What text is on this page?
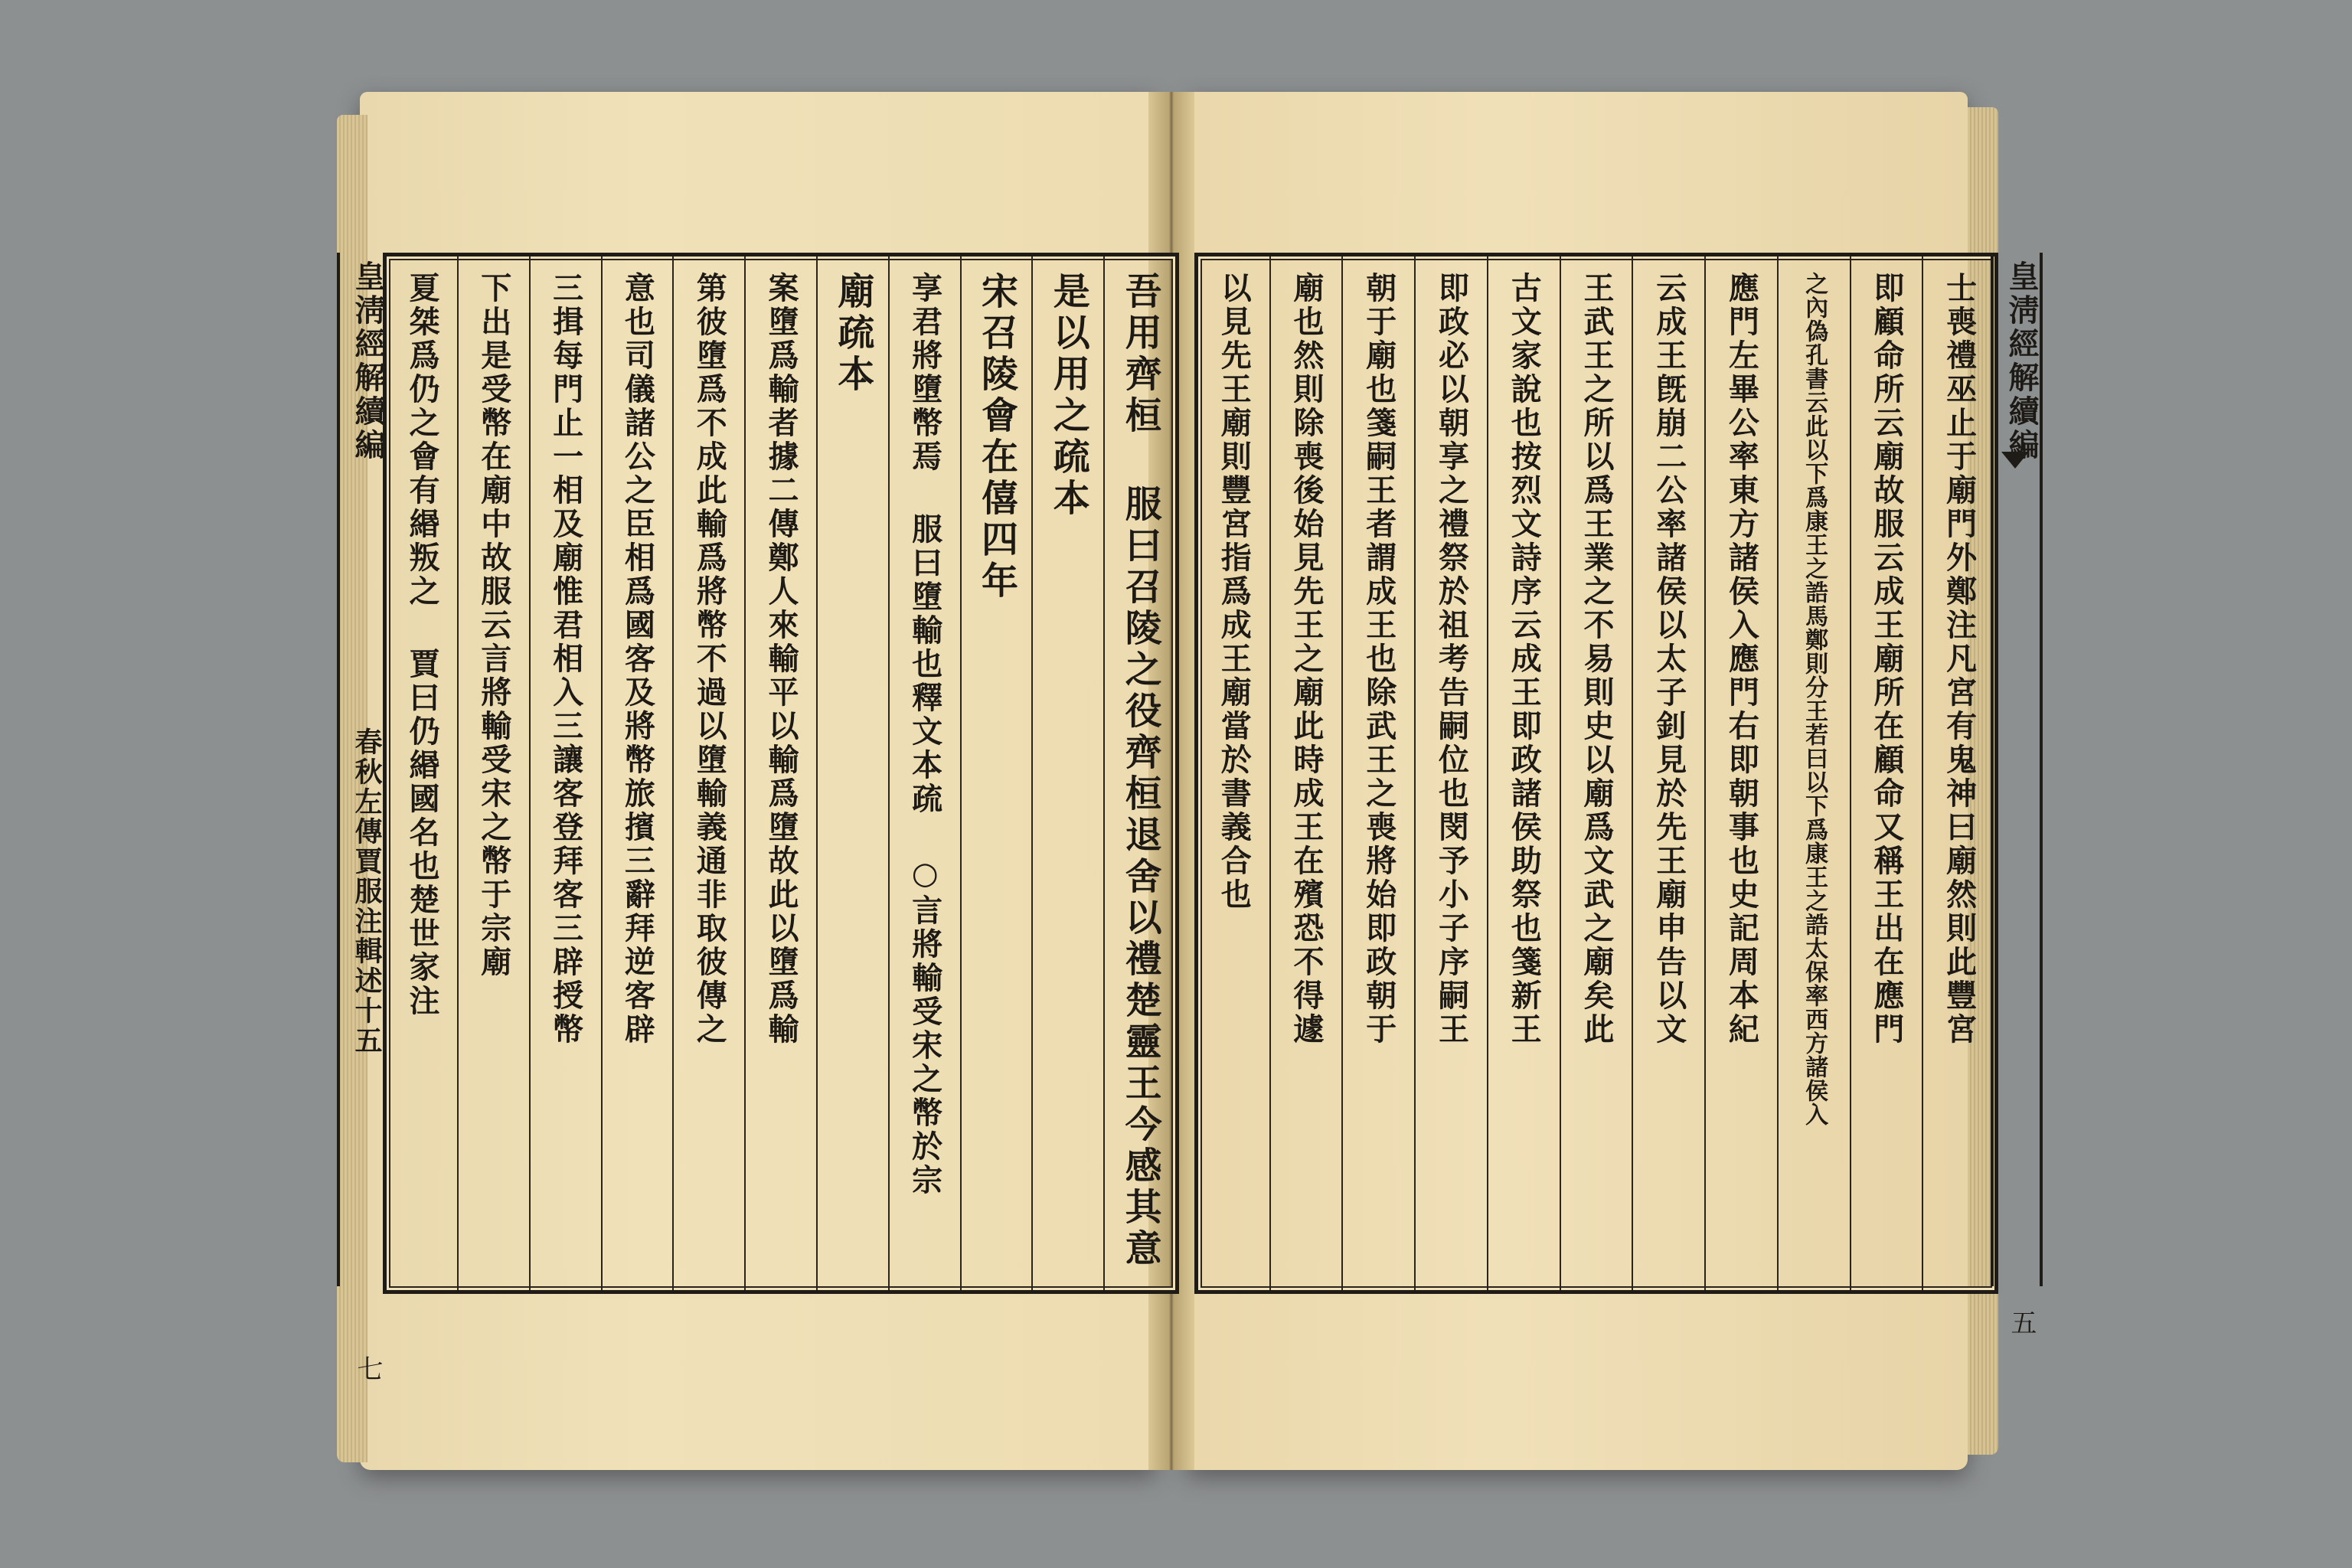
皇淸經解續編
春秋左傳賈服注輯述十五
七
吾用齊桓 服曰召陵之役齊桓退舍以禮楚靈王今感其意
是以用之疏本
宋召陵會在僖四年
享君將墮幣焉 服曰墮輸也釋文本疏 ○言將輸受宋之幣於宗
廟疏本
案墮爲輸者據二傳鄭人來輸平以輸爲墮故此以墮爲輸
第彼墮爲不成此輸爲將幣不過以墮輸義通非取彼傳之
意也司儀諸公之臣相爲國客及將幣旅擯三辭拜逆客辟
三揖每門止一相及廟惟君相入三讓客登拜客三辟授幣
下出是受幣在廟中故服云言將輸受宋之幣于宗廟
夏桀爲仍之會有緡叛之 賈曰仍緡國名也楚世家注	士喪禮巫止于廟門外鄭注凡宮有鬼神曰廟然則此豐宮
即顧命所云廟故服云成王廟所在顧命又稱王出在應門
之內偽孔書云此以下爲康王之誥馬鄭則分王若曰以下爲康王之誥太保率西方諸侯入
應門左畢公率東方諸侯入應門右即朝事也史記周本紀
云成王旣崩二公率諸侯以太子釗見於先王廟申告以文
王武王之所以爲王業之不易則史以廟爲文武之廟矣此
古文家說也按烈文詩序云成王即政諸侯助祭也箋新王
即政必以朝享之禮祭於祖考告嗣位也閔予小子序嗣王
朝于廟也箋嗣王者謂成王也除武王之喪將始即政朝于
廟也然則除喪後始見先王之廟此時成王在殯恐不得遽
以見先王廟則豐宮指爲成王廟當於書義合也	皇淸經解續編
五
